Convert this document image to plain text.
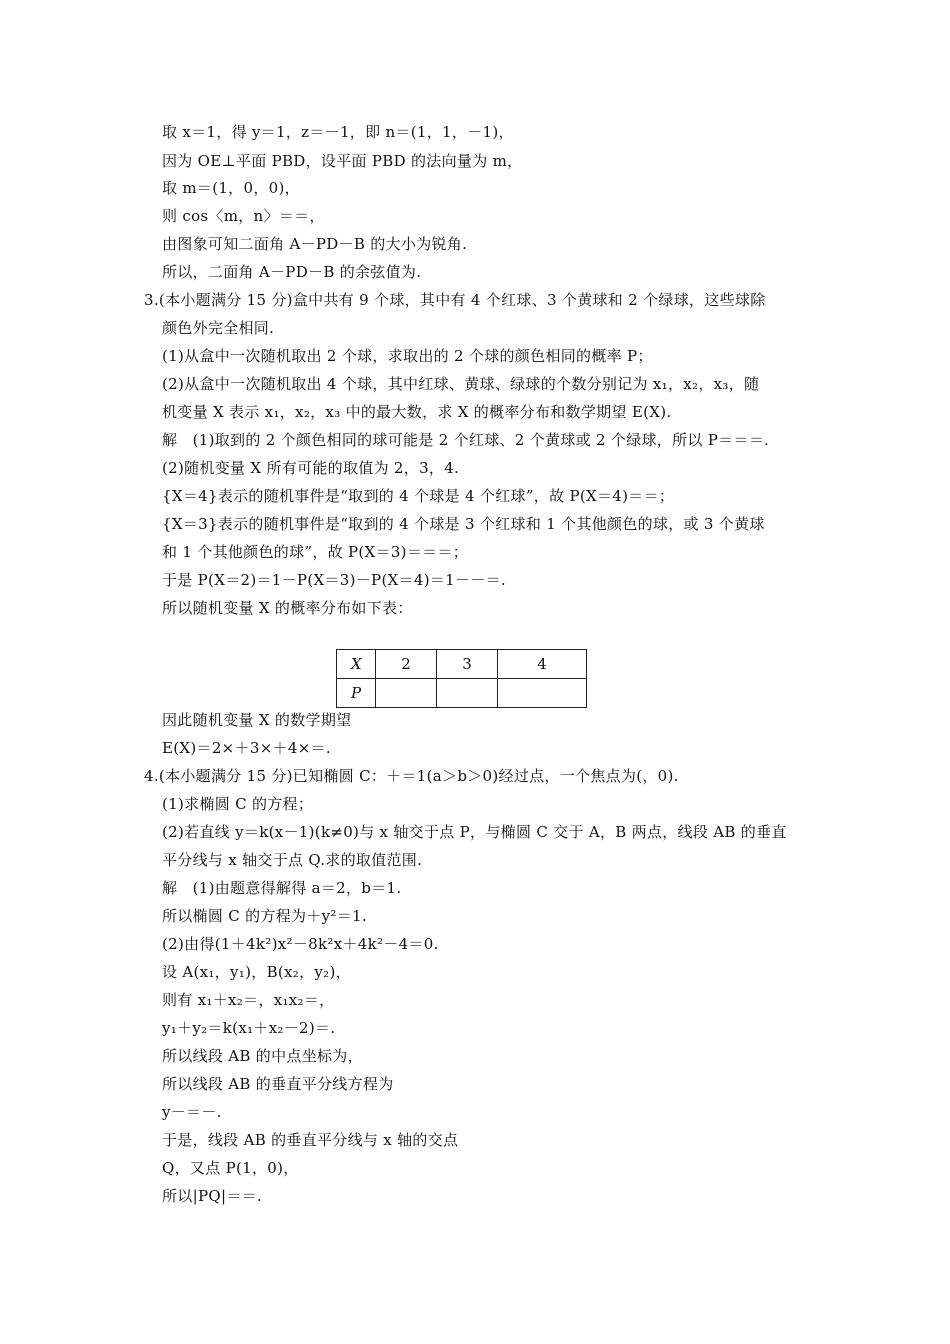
取 x＝1，得 y＝1，z＝－1，即 n＝(1，1，－1)，
因为 OE⊥平面 PBD，设平面 PBD 的法向量为 m，
取 m＝(1，0，0)，
则 cos〈m，n〉＝＝，
由图象可知二面角 A－PD－B 的大小为锐角.
所以，二面角 A－PD－B 的余弦值为.
3.(本小题满分 15 分)盒中共有 9 个球，其中有 4 个红球、3 个黄球和 2 个绿球，这些球除
颜色外完全相同.
(1)从盒中一次随机取出 2 个球，求取出的 2 个球的颜色相同的概率 P；
(2)从盒中一次随机取出 4 个球，其中红球、黄球、绿球的个数分别记为 x₁，x₂，x₃，随
机变量 X 表示 x₁，x₂，x₃ 中的最大数，求 X 的概率分布和数学期望 E(X).
解　(1)取到的 2 个颜色相同的球可能是 2 个红球、2 个黄球或 2 个绿球，所以 P＝＝＝.
(2)随机变量 X 所有可能的取值为 2，3，4.
{X＝4}表示的随机事件是“取到的 4 个球是 4 个红球”，故 P(X＝4)＝＝；
{X＝3}表示的随机事件是“取到的 4 个球是 3 个红球和 1 个其他颜色的球，或 3 个黄球
和 1 个其他颜色的球”，故 P(X＝3)＝＝＝；
于是 P(X＝2)＝1－P(X＝3)－P(X＝4)＝1－－＝.
所以随机变量 X 的概率分布如下表：
X	2	3	4
P			
因此随机变量 X 的数学期望
E(X)＝2×＋3×＋4×＝.
4.(本小题满分 15 分)已知椭圆 C：＋＝1(a＞b＞0)经过点，一个焦点为(，0).
(1)求椭圆 C 的方程；
(2)若直线 y＝k(x－1)(k≠0)与 x 轴交于点 P，与椭圆 C 交于 A，B 两点，线段 AB 的垂直
平分线与 x 轴交于点 Q.求的取值范围.
解　(1)由题意得解得 a＝2，b＝1.
所以椭圆 C 的方程为＋y²＝1.
(2)由得(1＋4k²)x²－8k²x＋4k²－4＝0.
设 A(x₁，y₁)，B(x₂，y₂)，
则有 x₁＋x₂＝，x₁x₂＝，
y₁＋y₂＝k(x₁＋x₂－2)＝.
所以线段 AB 的中点坐标为，
所以线段 AB 的垂直平分线方程为
y－＝－.
于是，线段 AB 的垂直平分线与 x 轴的交点
Q，又点 P(1，0)，
所以|PQ|＝＝.
